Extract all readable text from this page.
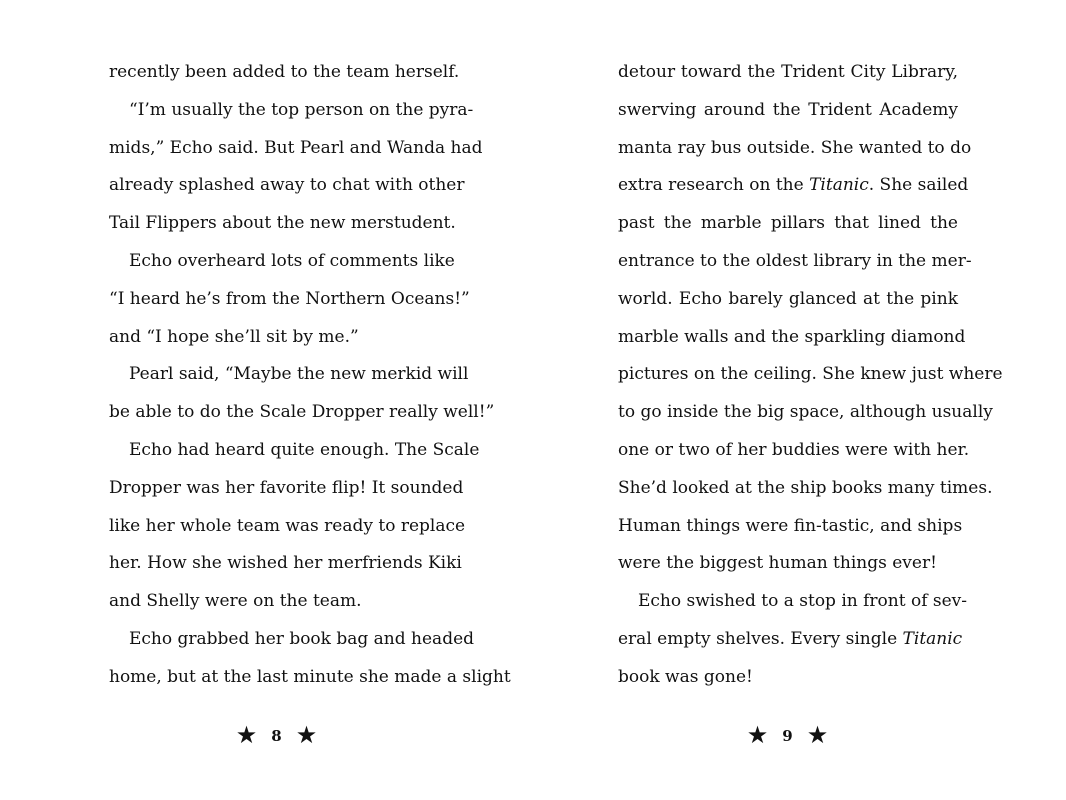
recently been added to the team herself.
“I’m usually the top person on the pyra-
mids,” Echo said. But Pearl and Wanda had
already splashed away to chat with other
Tail Flippers about the new merstudent.
Echo overheard lots of comments like
“I heard he’s from the Northern Oceans!”
and “I hope she’ll sit by me.”
Pearl said, “Maybe the new merkid will
be able to do the Scale Dropper really well!”
Echo had heard quite enough. The Scale
Dropper was her favorite flip! It sounded
like her whole team was ready to replace
her. How she wished her merfriends Kiki
and Shelly were on the team.
Echo grabbed her book bag and headed
home, but at the last minute she made a slight
★ 8 ★
detour toward the Trident City Library,
swerving around the Trident Academy
manta ray bus outside. She wanted to do
extra research on the Titanic. She sailed
past the marble pillars that lined the
entrance to the oldest library in the mer-
world. Echo barely glanced at the pink
marble walls and the sparkling diamond
pictures on the ceiling. She knew just where
to go inside the big space, although usually
one or two of her buddies were with her.
She’d looked at the ship books many times.
Human things were fin-tastic, and ships
were the biggest human things ever!
Echo swished to a stop in front of sev-
eral empty shelves. Every single Titanic
book was gone!
★ 9 ★
